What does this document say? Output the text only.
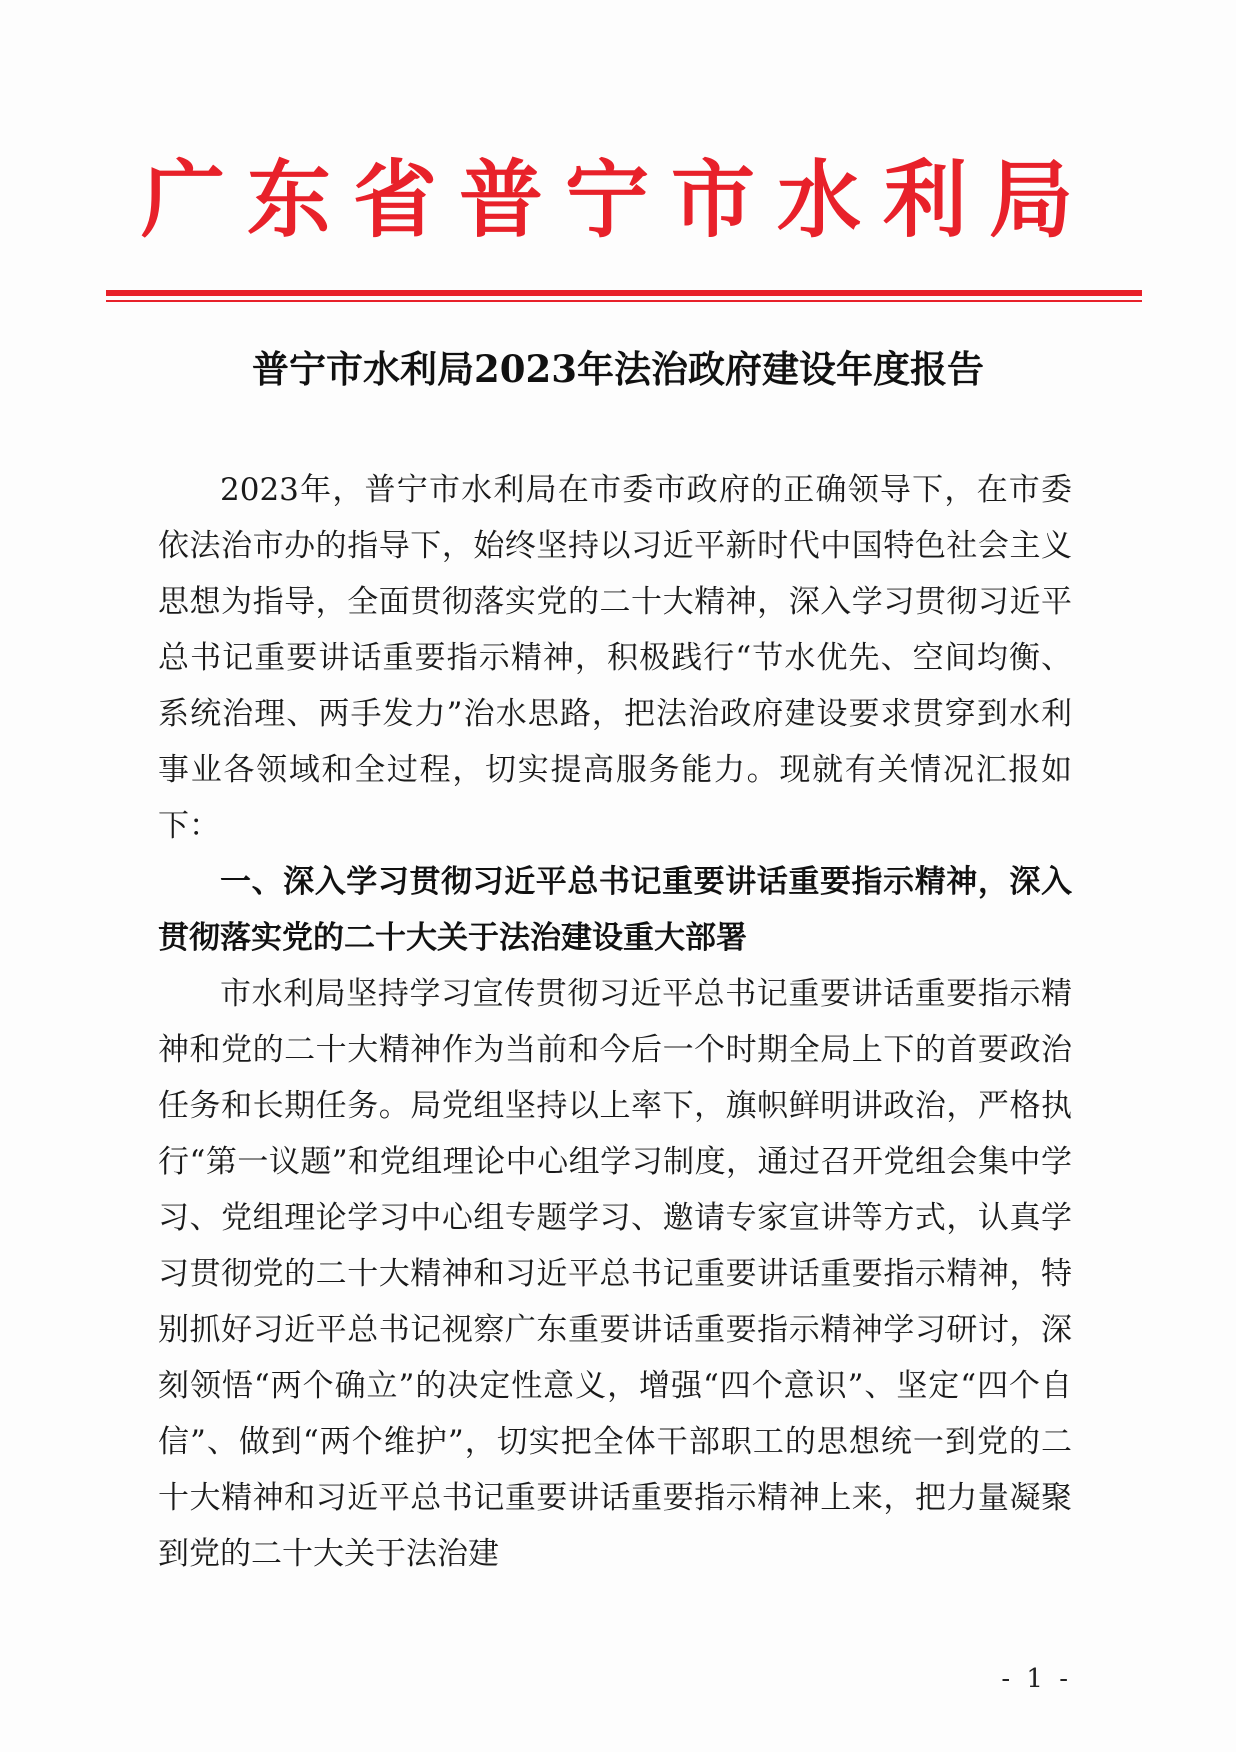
广东省普宁市水利局
普宁市水利局2023年法治政府建设年度报告

2023年，普宁市水利局在市委市政府的正确领导下，在市委依法治市办的指导下，始终坚持以习近平新时代中国特色社会主义思想为指导，全面贯彻落实党的二十大精神，深入学习贯彻习近平总书记重要讲话重要指示精神，积极践行“节水优先、空间均衡、系统治理、两手发力”治水思路，把法治政府建设要求贯穿到水利事业各领域和全过程，切实提高服务能力。现就有关情况汇报如下：

一、深入学习贯彻习近平总书记重要讲话重要指示精神，深入贯彻落实党的二十大关于法治建设重大部署

市水利局坚持学习宣传贯彻习近平总书记重要讲话重要指示精神和党的二十大精神作为当前和今后一个时期全局上下的首要政治任务和长期任务。局党组坚持以上率下，旗帜鲜明讲政治，严格执行“第一议题”和党组理论中心组学习制度，通过召开党组会集中学习、党组理论学习中心组专题学习、邀请专家宣讲等方式，认真学习贯彻党的二十大精神和习近平总书记重要讲话重要指示精神，特别抓好习近平总书记视察广东重要讲话重要指示精神学习研讨，深刻领悟“两个确立”的决定性意义，增强“四个意识”、坚定“四个自信”、做到“两个维护”，切实把全体干部职工的思想统一到党的二十大精神和习近平总书记重要讲话重要指示精神上来，把力量凝聚到党的二十大关于法治建

- 1 -
